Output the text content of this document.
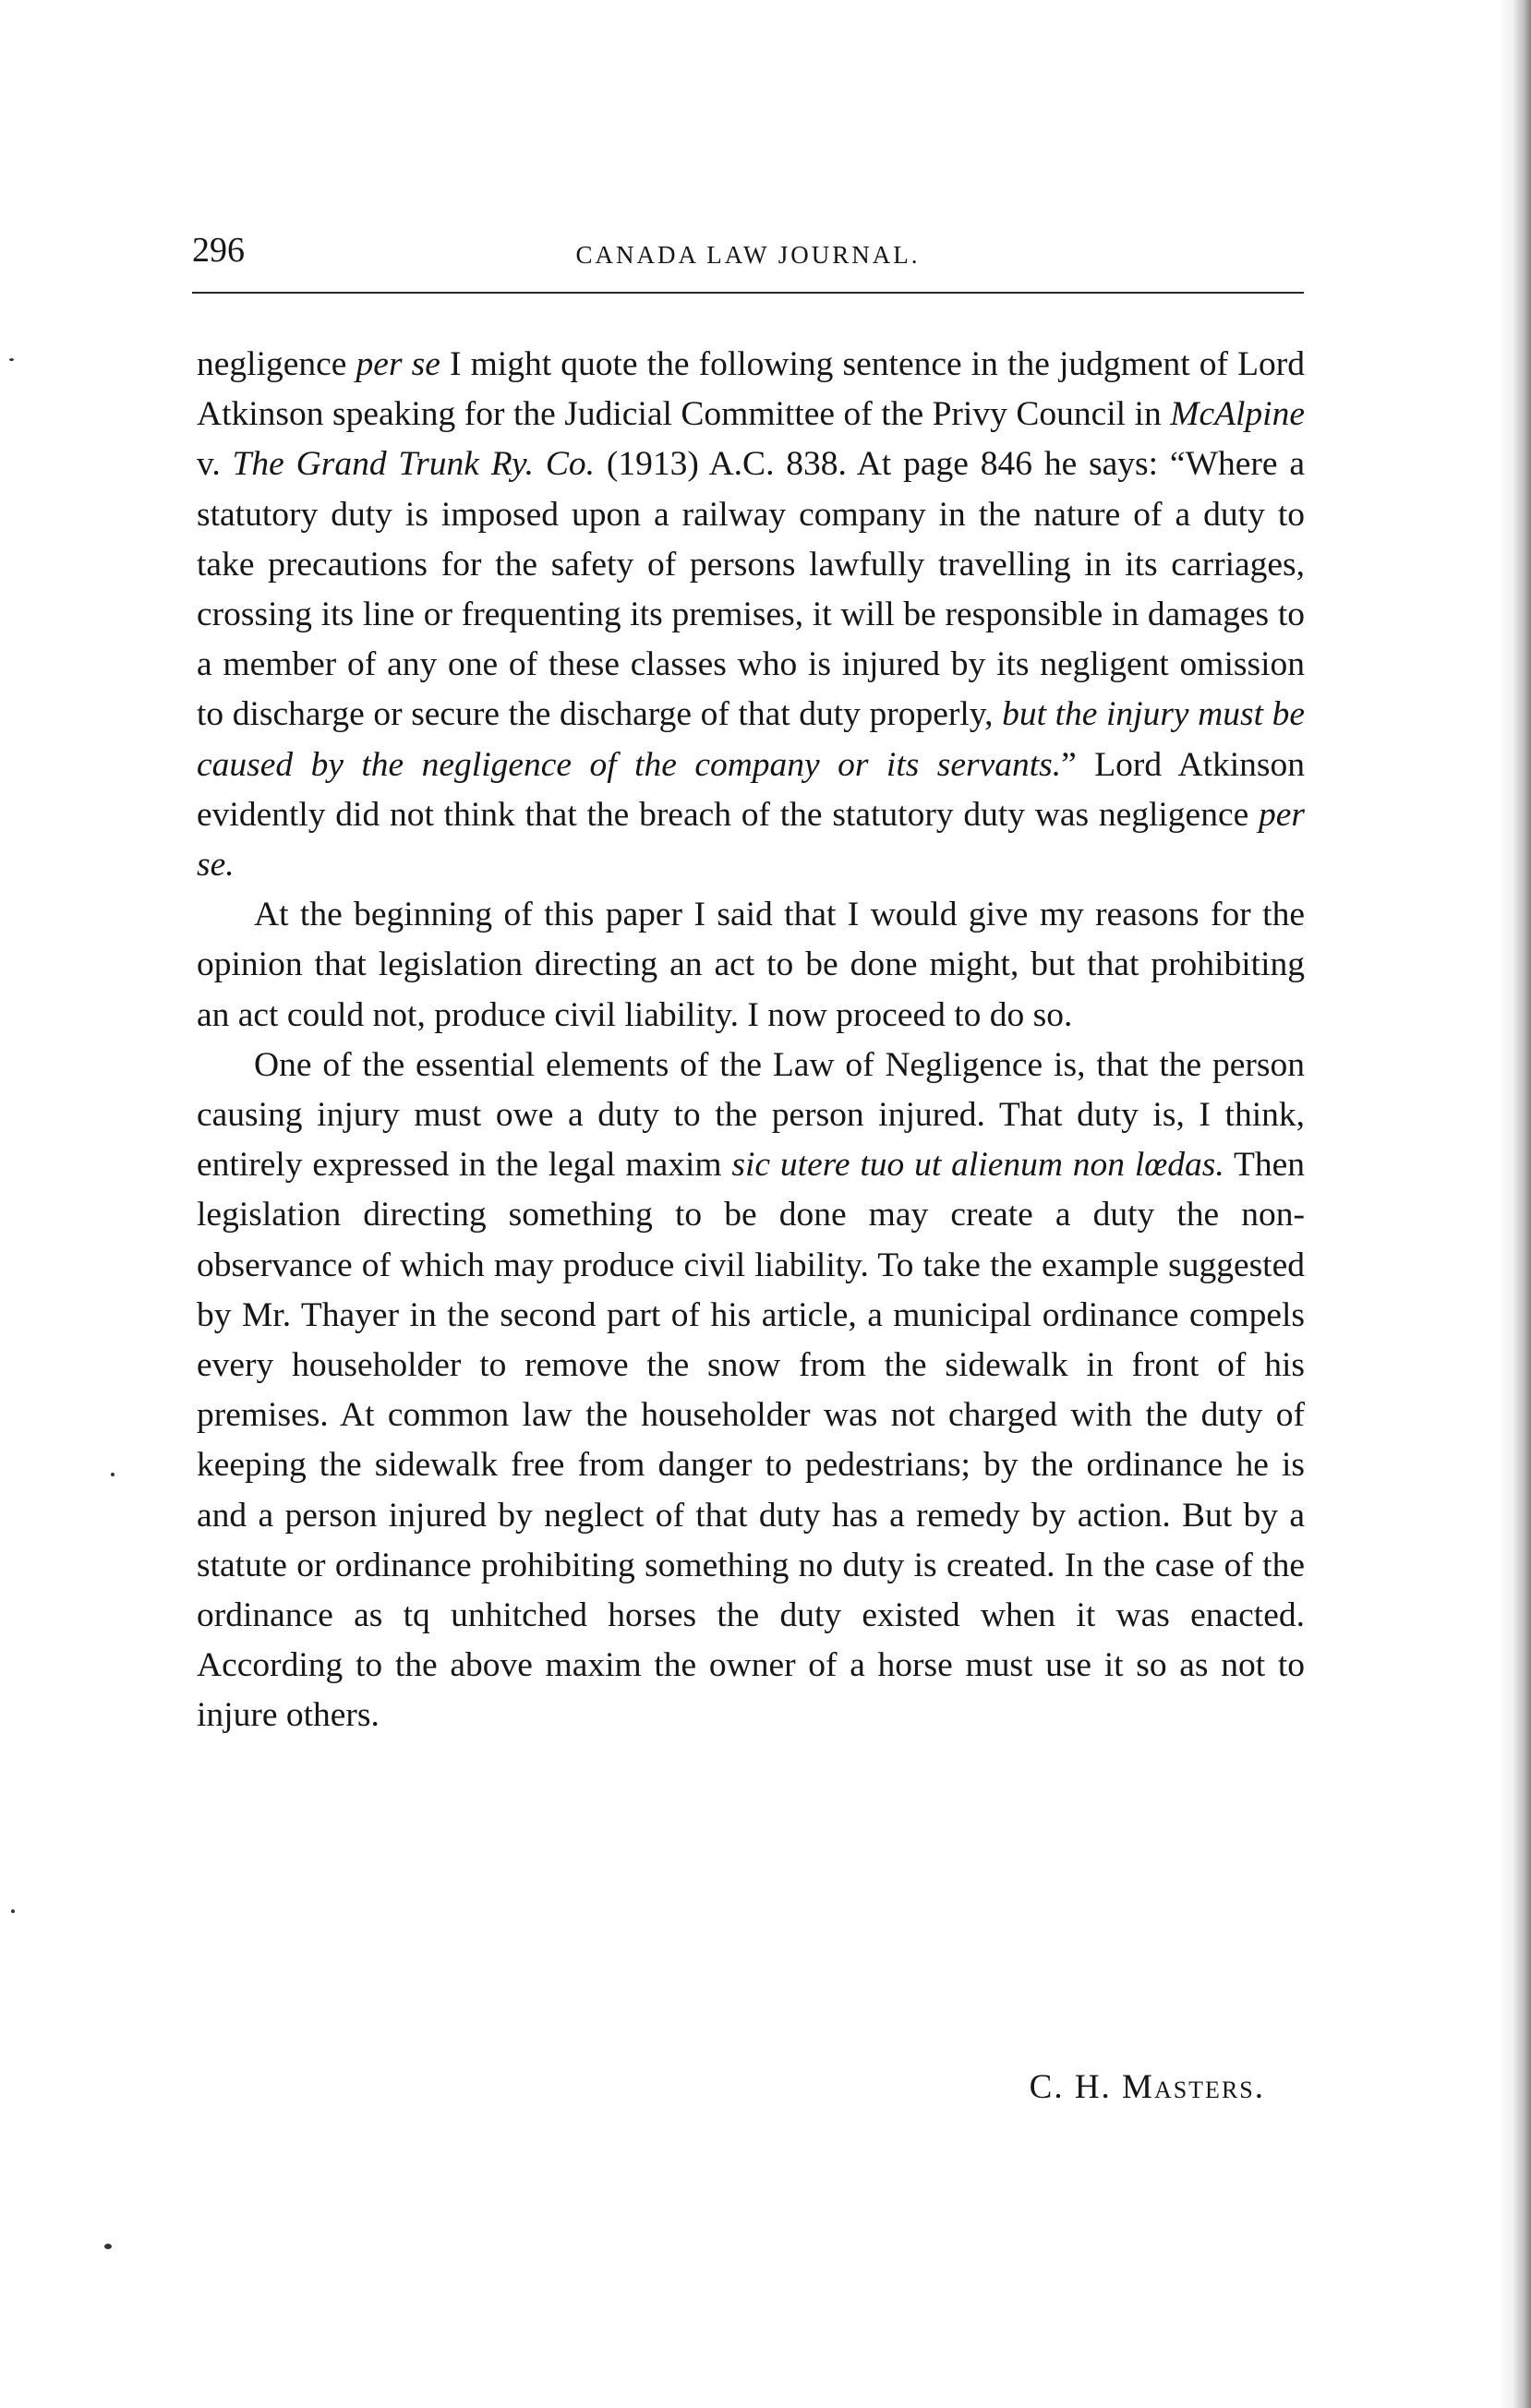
296	CANADA LAW JOURNAL.

negligence per se I might quote the following sentence in the judgment of Lord Atkinson speaking for the Judicial Committee of the Privy Council in McAlpine v. The Grand Trunk Ry. Co. (1913) A.C. 838. At page 846 he says: “Where a statutory duty is imposed upon a railway company in the nature of a duty to take precautions for the safety of persons lawfully travelling in its carriages, crossing its line or frequenting its premises, it will be responsible in damages to a member of any one of these classes who is injured by its negligent omission to discharge or secure the discharge of that duty properly, but the injury must be caused by the negligence of the company or its servants.” Lord Atkinson evidently did not think that the breach of the statutory duty was negligence per se.

At the beginning of this paper I said that I would give my reasons for the opinion that legislation directing an act to be done might, but that prohibiting an act could not, produce civil liability. I now proceed to do so.

One of the essential elements of the Law of Negligence is, that the person causing injury must owe a duty to the person injured. That duty is, I think, entirely expressed in the legal maxim sic utere tuo ut alienum non lœdas. Then legislation directing something to be done may create a duty the non-observance of which may produce civil liability. To take the example suggested by Mr. Thayer in the second part of his article, a municipal ordinance compels every householder to remove the snow from the sidewalk in front of his premises. At common law the householder was not charged with the duty of keeping the sidewalk free from danger to pedestrians; by the ordinance he is and a person injured by neglect of that duty has a remedy by action. But by a statute or ordinance prohibiting something no duty is created. In the case of the ordinance as tq unhitched horses the duty existed when it was enacted. According to the above maxim the owner of a horse must use it so as not to injure others.

C. H. Masters.
